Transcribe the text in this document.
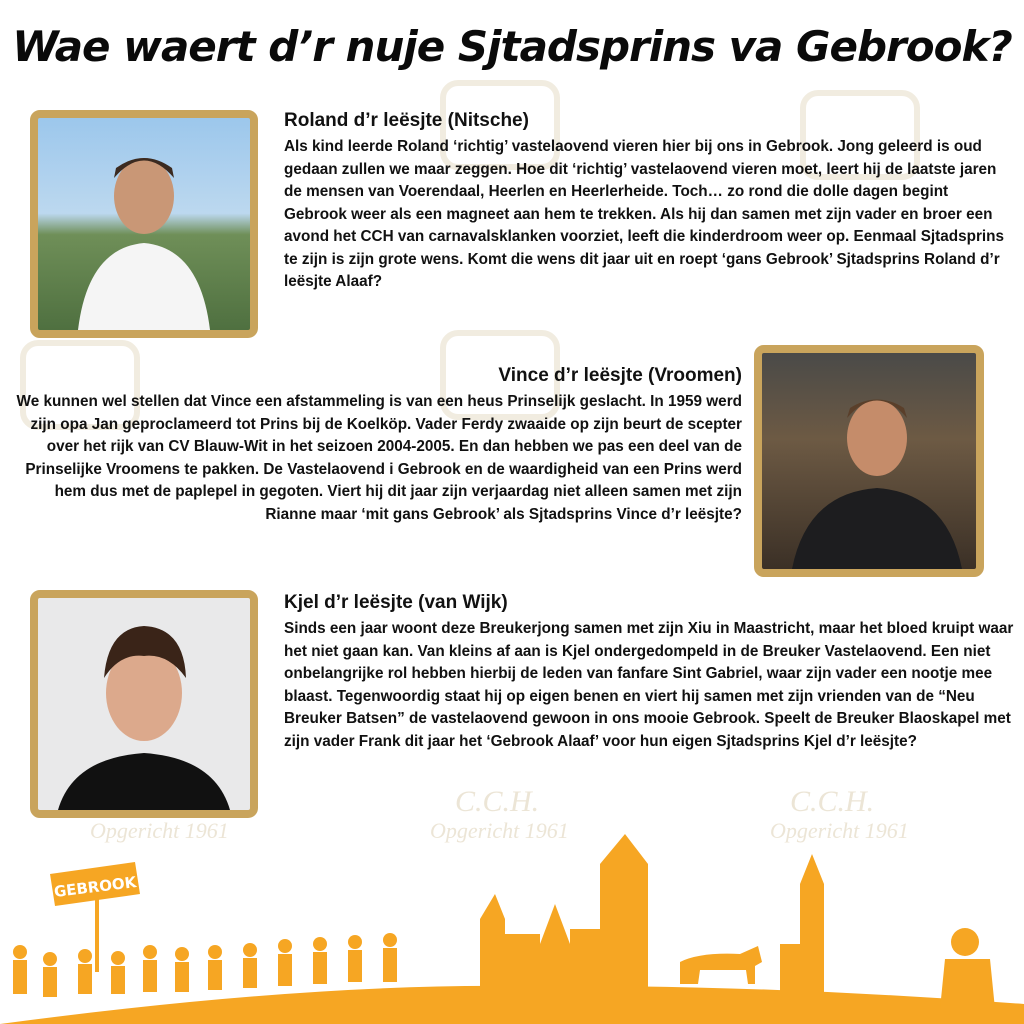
C.C.H.	C.C.H.
Opgericht 1961	Opgericht 1961	Opgericht 1961
Wae waert d’r nuje Sjtadsprins va Gebrook?
Roland d’r leësjte (Nitsche)
Als kind leerde Roland ‘richtig’ vastelaovend vieren hier bij ons in Gebrook. Jong geleerd is oud gedaan zullen we maar zeggen. Hoe dit ‘richtig’ vastelaovend vieren moet, leert hij de laatste jaren de mensen van Voerendaal, Heerlen en Heerlerheide. Toch… zo rond die dolle dagen begint Gebrook weer als een magneet aan hem te trekken. Als hij dan samen met zijn vader en broer een avond het CCH van carnavalsklanken voorziet, leeft die kinderdroom weer op. Eenmaal Sjtadsprins te zijn is zijn grote wens. Komt die wens dit jaar uit en roept ‘gans Gebrook’ Sjtadsprins Roland d’r leësjte Alaaf?
Vince d’r leësjte (Vroomen)
We kunnen wel stellen dat Vince een afstammeling is van een heus Prinselijk geslacht. In 1959 werd zijn opa Jan geproclameerd tot Prins bij de Koelköp. Vader Ferdy zwaaide op zijn beurt de scepter over het rijk van CV Blauw-Wit in het seizoen 2004-2005. En dan hebben we pas een deel van de Prinselijke Vroomens te pakken. De Vastelaovend i Gebrook en de waardigheid van een Prins werd hem dus met de paplepel in gegoten. Viert hij dit jaar zijn verjaardag niet alleen samen met zijn Rianne maar ‘mit gans Gebrook’ als Sjtadsprins Vince d’r leësjte?
Kjel d’r leësjte (van Wijk)
Sinds een jaar woont deze Breukerjong samen met zijn Xiu in Maastricht, maar het bloed kruipt waar het niet gaan kan. Van kleins af aan is Kjel ondergedompeld in de Breuker Vastelaovend. Een niet onbelangrijke rol hebben hierbij de leden van fanfare Sint Gabriel, waar zijn vader een nootje mee blaast. Tegenwoordig staat hij op eigen benen en viert hij samen met zijn vrienden van de “Neu Breuker Batsen” de vastelaovend gewoon in ons mooie Gebrook. Speelt de Breuker Blaoskapel met zijn vader Frank dit jaar het ‘Gebrook Alaaf’ voor hun eigen Sjtadsprins Kjel d’r leësjte?
GEBROOK
